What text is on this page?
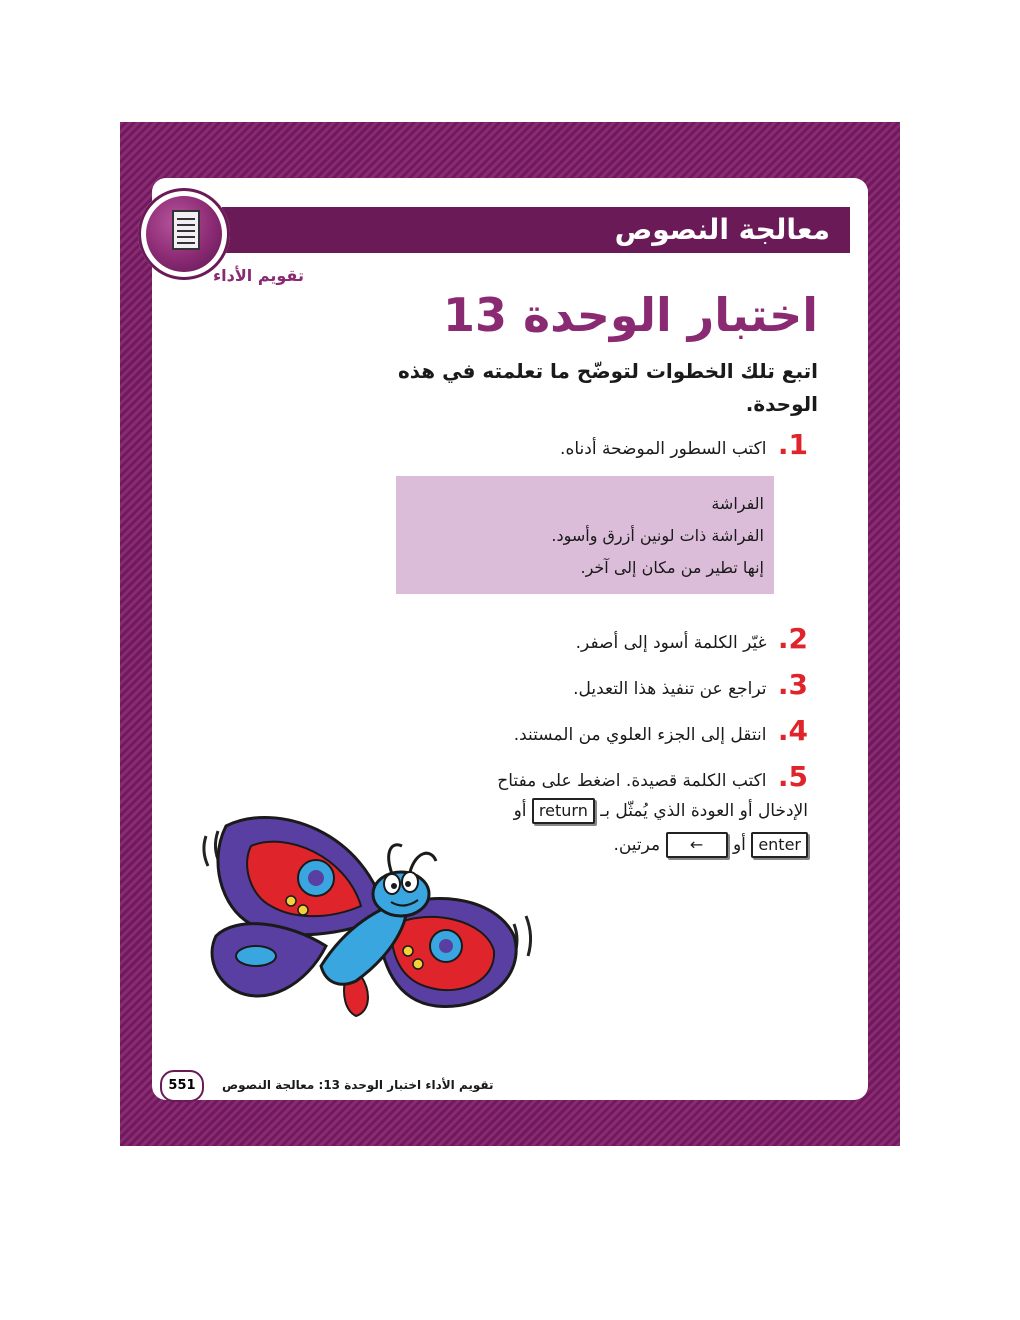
معالجة النصوص
تقويم الأداء
اختبار الوحدة 13
اتبع تلك الخطوات لتوضّح ما تعلمته في هذه الوحدة.
1. اكتب السطور الموضحة أدناه.
الفراشة
الفراشة ذات لونين أزرق وأسود.
إنها تطير من مكان إلى آخر.
2. غيّر الكلمة أسود إلى أصفر.
3. تراجع عن تنفيذ هذا التعديل.
4. انتقل إلى الجزء العلوي من المستند.
5. اكتب الكلمة قصيدة. اضغط على مفتاح
الإدخال أو العودة الذي يُمثّل بـ return أو
enter أو ← مرتين.
551	تقويم الأداء اختبار الوحدة 13: معالجة النصوص
